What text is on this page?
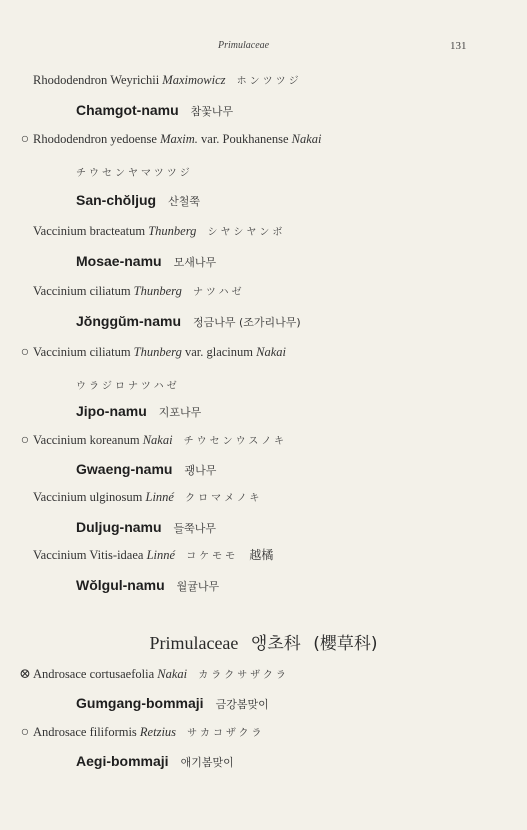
Primulaceae	131
Rhododendron Weyrichii Maximowicz ホンツツジ
Chamgot-namu 참꽃나무
○ Rhododendron yedoense Maxim. var. Poukhanense Nakai
チウセンヤマツツジ
San-chŏljug 산철쭉
Vaccinium bracteatum Thunberg シヤシヤンボ
Mosae-namu 모새나무
Vaccinium ciliatum Thunberg ナツハゼ
Jŏnggŭm-namu 정금나무 (조가리나무)
○ Vaccinium ciliatum Thunberg var. glacinum Nakai
ウラジロナツハゼ
Jipo-namu 지포나무
○ Vaccinium koreanum Nakai チウセンウスノキ
Gwaeng-namu 괭나무
Vaccinium ulginosum Linné クロマメノキ
Duljug-namu 들쭉나무
Vaccinium Vitis-idaea Linné コケモモ 越橘
Wŏlgul-namu 월귤나무
Primulaceae 앵초科 (櫻草科)
⊗ Androsace cortusaefolia Nakai カラクサザクラ
Gumgang-bommaji 금강봄맞이
○ Androsace filiformis Retzius サカコザクラ
Aegi-bommaji 애기봄맞이
